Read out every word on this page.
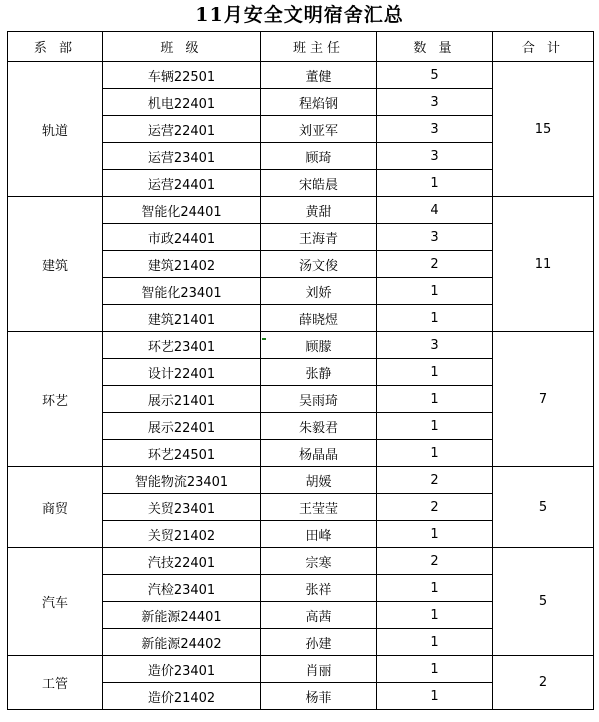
11月安全文明宿舍汇总
系 部	班 级	班主任	数 量	合 计
轨道	车辆22501	董健	5	15
	机电22401	程焰钢	3	
	运营22401	刘亚军	3	
	运营23401	顾琦	3	
	运营24401	宋皓晨	1	
建筑	智能化24401	黄甜	4	11
	市政24401	王海青	3	
	建筑21402	汤文俊	2	
	智能化23401	刘娇	1	
	建筑21401	薛晓煜	1	
环艺	环艺23401	顾朦	3	7
	设计22401	张静	1	
	展示21401	吴雨琦	1	
	展示22401	朱毅君	1	
	环艺24501	杨晶晶	1	
商贸	智能物流23401	胡媛	2	5
	关贸23401	王莹莹	2	
	关贸21402	田峰	1	
汽车	汽技22401	宗寒	2	5
	汽检23401	张祥	1	
	新能源24401	高茜	1	
	新能源24402	孙建	1	
工管	造价23401	肖丽	1	2
	造价21402	杨菲	1	
